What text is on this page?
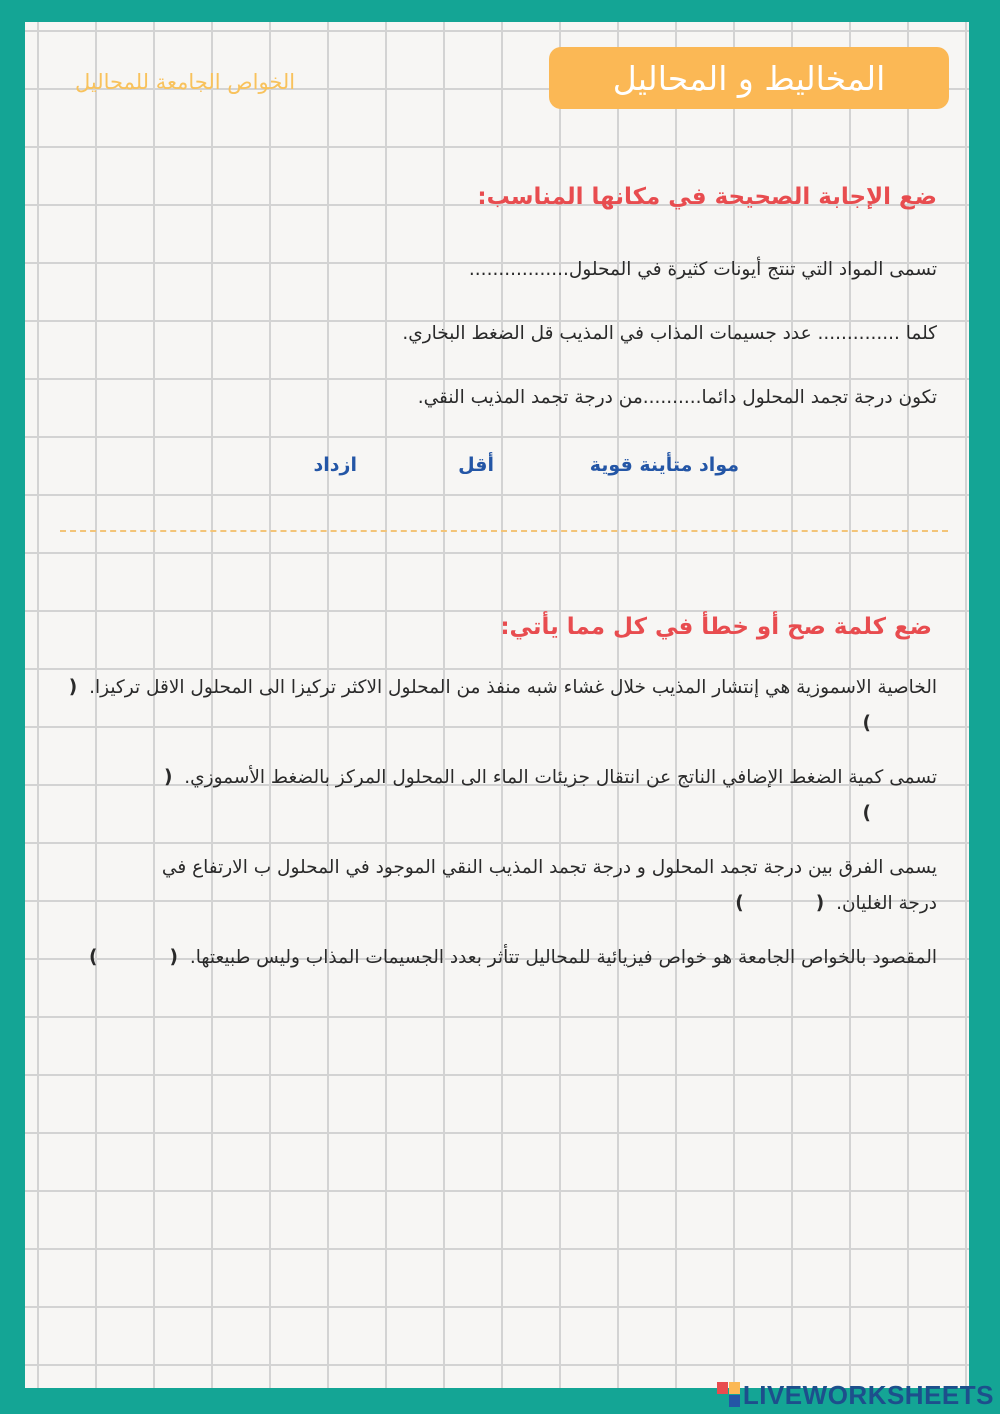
الخواص الجامعة للمحاليل	المخاليط و المحاليل
ضع الإجابة الصحيحة في مكانها المناسب:
تسمى المواد التي تنتج أيونات كثيرة في المحلول.................
كلما .............. عدد جسيمات المذاب في المذيب قل الضغط البخاري.
تكون درجة تجمد المحلول دائما..........من درجة تجمد المذيب النقي.
مواد متأينة قوية
أقل
ازداد
ضع كلمة صح أو خطأ في كل مما يأتي:
الخاصية الاسموزية هي إنتشار المذيب خلال غشاء شبه منفذ من المحلول الاكثر تركيزا الى المحلول الاقل تركيزا. ()
تسمى كمية الضغط الإضافي الناتج عن انتقال جزيئات الماء الى المحلول المركز بالضغط الأسموزي. ()
يسمى الفرق بين درجة تجمد المحلول و درجة تجمد المذيب النقي الموجود في المحلول ب الارتفاع في درجة الغليان. ()
المقصود بالخواص الجامعة هو خواص فيزيائية للمحاليل تتأثر بعدد الجسيمات المذاب وليس طبيعتها. ()
LIVEWORKSHEETS
